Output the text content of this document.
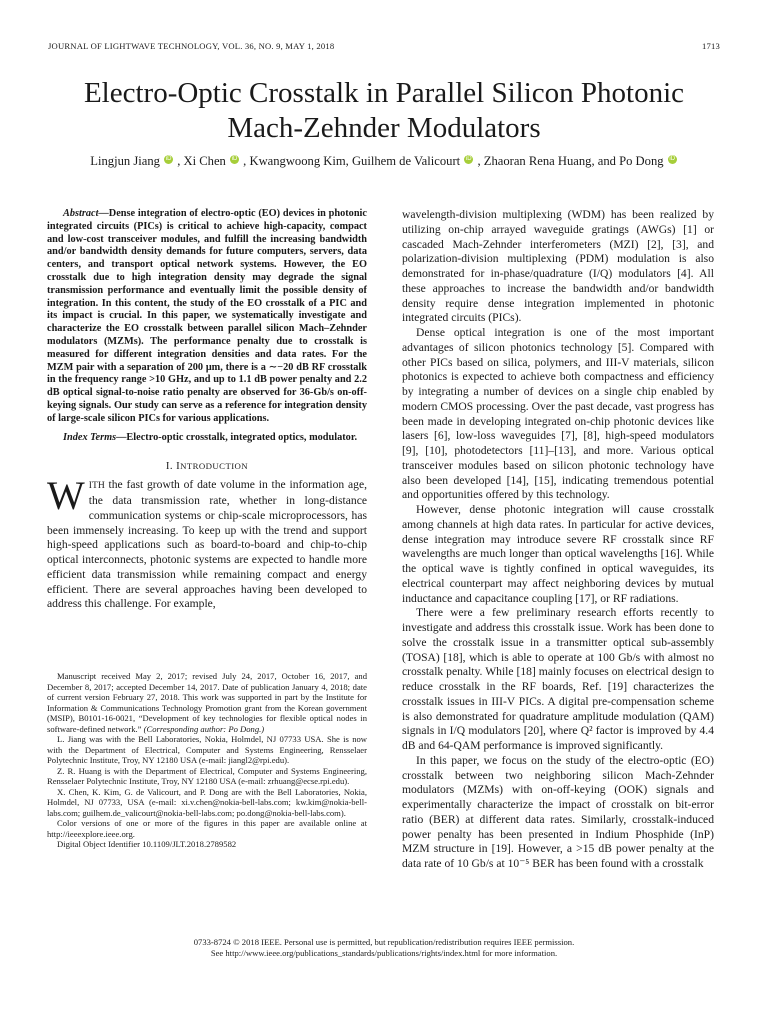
JOURNAL OF LIGHTWAVE TECHNOLOGY, VOL. 36, NO. 9, MAY 1, 2018	1713
Electro-Optic Crosstalk in Parallel Silicon Photonic
Mach-Zehnder Modulators
Lingjun Jiang iD , Xi Chen iD , Kwangwoong Kim, Guilhem de Valicourt iD , Zhaoran Rena Huang, and Po Dong iD

Abstract—Dense integration of electro-optic (EO) devices in photonic integrated circuits (PICs) is critical to achieve high-capacity, compact and low-cost transceiver modules, and fulfill the increasing bandwidth and/or bandwidth density demands for future computers, servers, data centers, and transport optical network systems. However, the EO crosstalk due to high integration density may degrade the signal transmission performance and eventually limit the possible density of integration. In this content, the study of the EO crosstalk of a PIC and its impact is crucial. In this paper, we systematically investigate and characterize the EO crosstalk between parallel silicon Mach–Zehnder modulators (MZMs). The performance penalty due to crosstalk is measured for different integration densities and data rates. For the MZM pair with a separation of 200 μm, there is a ∼−20 dB RF crosstalk in the frequency range >10 GHz, and up to 1.1 dB power penalty and 2.2 dB optical signal-to-noise ratio penalty are observed for 36-Gb/s on-off-keying signals. Our study can serve as a reference for integration density of large-scale silicon PICs for various applications.

Index Terms—Electro-optic crosstalk, integrated optics, modulator.

I. INTRODUCTION

WITH the fast growth of date volume in the information age, the data transmission rate, whether in long-distance communication systems or chip-scale microprocessors, has been immensely increasing. To keep up with the trend and support high-speed applications such as board-to-board and chip-to-chip optical interconnects, photonic systems are expected to handle more efficient data transmission while remaining compact and energy efficient. There are several approaches having been developed to address this challenge. For example,

Manuscript received May 2, 2017; revised July 24, 2017, October 16, 2017, and December 8, 2017; accepted December 14, 2017. Date of publication January 4, 2018; date of current version February 27, 2018. This work was supported in part by the Institute for Information & Communications Technology Promotion grant from the Korean government (MSIP), B0101-16-0021, “Development of key technologies for flexible optical nodes in software-defined network.” (Corresponding author: Po Dong.)

L. Jiang was with the Bell Laboratories, Nokia, Holmdel, NJ 07733 USA. She is now with the Department of Electrical, Computer and Systems Engineering, Rensselaer Polytechnic Institute, Troy, NY 12180 USA (e-mail: jiangl2@rpi.edu).

Z. R. Huang is with the Department of Electrical, Computer and Systems Engineering, Rensselaer Polytechnic Institute, Troy, NY 12180 USA (e-mail: zrhuang@ecse.rpi.edu).

X. Chen, K. Kim, G. de Valicourt, and P. Dong are with the Bell Laboratories, Nokia, Holmdel, NJ 07733, USA (e-mail: xi.v.chen@nokia-bell-labs.com; kw.kim@nokia-bell-labs.com; guilhem.de_valicourt@nokia-bell-labs.com; po.dong@nokia-bell-labs.com).

Color versions of one or more of the figures in this paper are available online at http://ieeexplore.ieee.org.

Digital Object Identifier 10.1109/JLT.2018.2789582

wavelength-division multiplexing (WDM) has been realized by utilizing on-chip arrayed waveguide gratings (AWGs) [1] or cascaded Mach-Zehnder interferometers (MZI) [2], [3], and polarization-division multiplexing (PDM) modulation is also demonstrated for in-phase/quadrature (I/Q) modulators [4]. All these approaches to increase the bandwidth and/or bandwidth density require dense integration implemented in photonic integrated circuits (PICs).

Dense optical integration is one of the most important advantages of silicon photonics technology [5]. Compared with other PICs based on silica, polymers, and III-V materials, silicon photonics is expected to achieve both compactness and efficiency by integrating a number of devices on a single chip enabled by modern CMOS processing. Over the past decade, vast progress has been made in developing integrated on-chip photonic devices like lasers [6], low-loss waveguides [7], [8], high-speed modulators [9], [10], photodetectors [11]–[13], and more. Various optical transceiver modules based on silicon photonic technology have also been developed [14], [15], indicating tremendous potential and opportunities offered by this technology.

However, dense photonic integration will cause crosstalk among channels at high data rates. In particular for active devices, dense integration may introduce severe RF crosstalk since RF wavelengths are much longer than optical wavelengths [16]. While the optical wave is tightly confined in optical waveguides, its electrical counterpart may affect neighboring devices by mutual inductance and capacitance coupling [17], or RF radiations.

There were a few preliminary research efforts recently to investigate and address this crosstalk issue. Work has been done to solve the crosstalk issue in a transmitter optical sub-assembly (TOSA) [18], which is able to operate at 100 Gb/s with almost no crosstalk penalty. While [18] mainly focuses on electrical design to reduce crosstalk in the RF boards, Ref. [19] characterizes the crosstalk issues in III-V PICs. A digital pre-compensation scheme is also demonstrated for quadrature amplitude modulation (QAM) signals in I/Q modulators [20], where Q² factor is improved by 4.4 dB and 64-QAM performance is improved significantly.

In this paper, we focus on the study of the electro-optic (EO) crosstalk between two neighboring silicon Mach-Zehnder modulators (MZMs) with on-off-keying (OOK) signals and experimentally characterize the impact of crosstalk on bit-error ratio (BER) at different data rates. Similarly, crosstalk-induced power penalty has been presented in Indium Phosphide (InP) MZM structure in [19]. However, a >15 dB power penalty at the data rate of 10 Gb/s at 10⁻⁵ BER has been found with a crosstalk

0733-8724 © 2018 IEEE. Personal use is permitted, but republication/redistribution requires IEEE permission.
See http://www.ieee.org/publications_standards/publications/rights/index.html for more information.
